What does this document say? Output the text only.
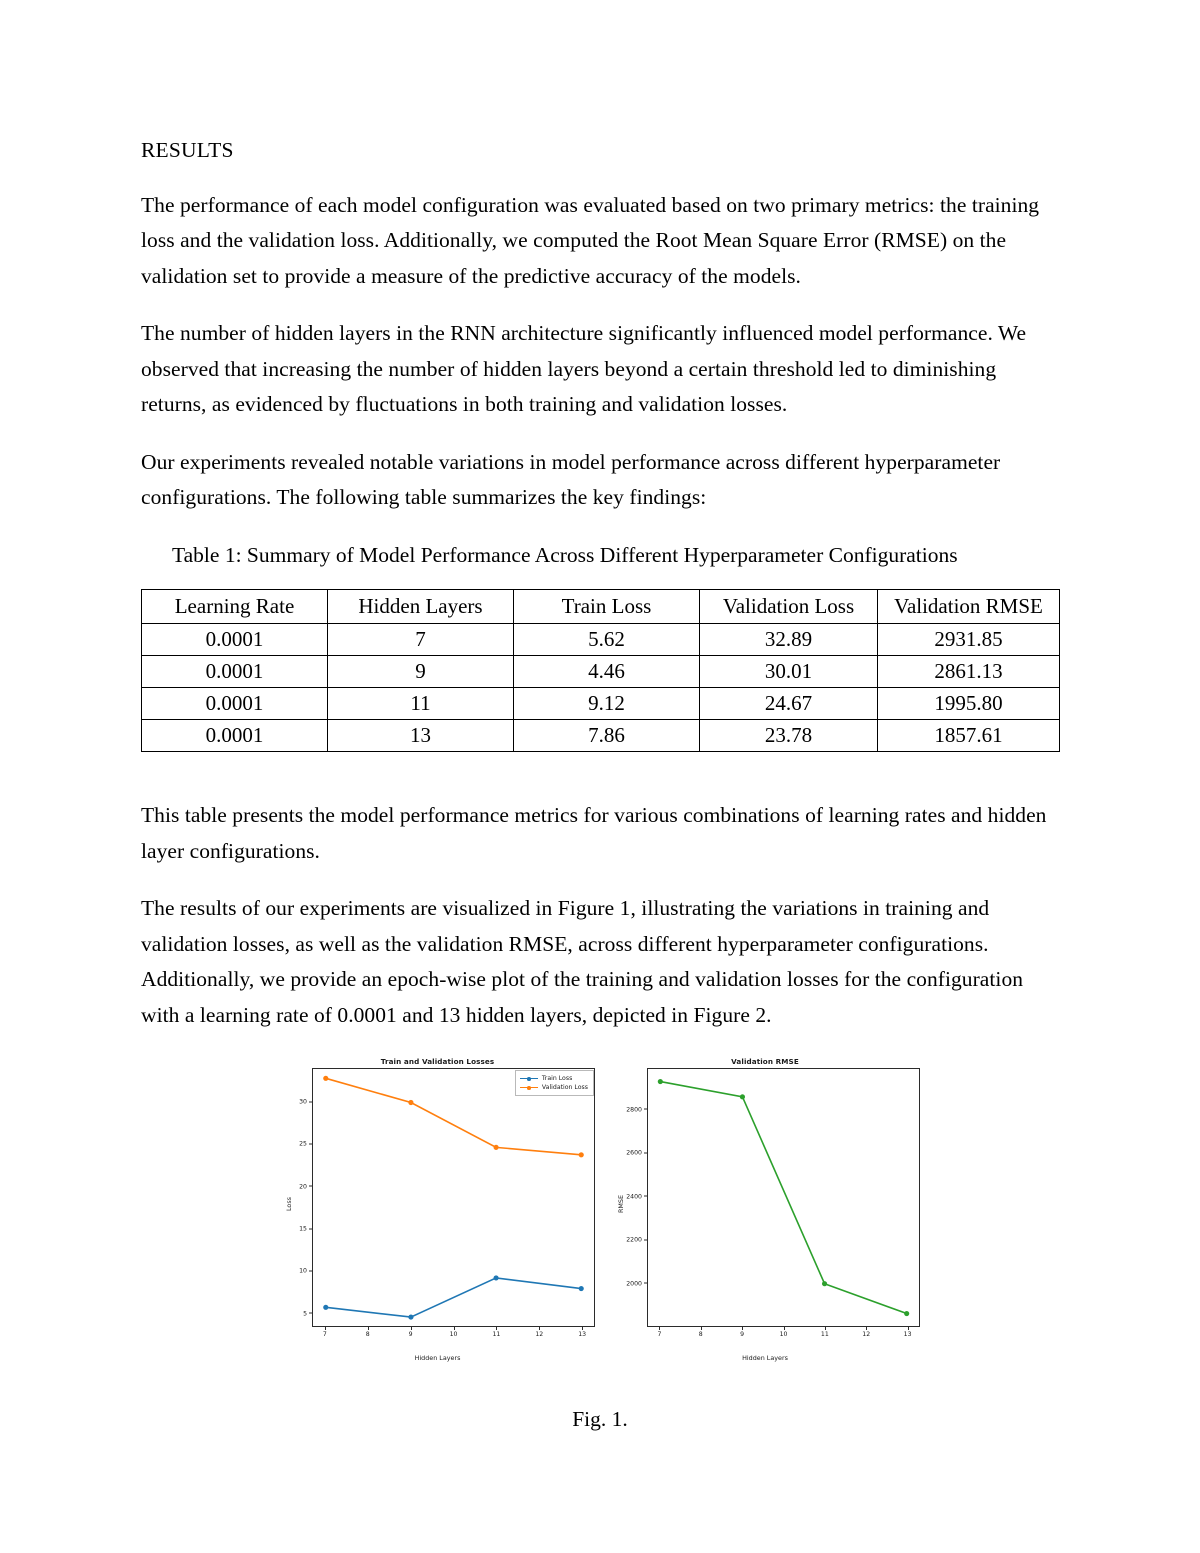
RESULTS

The performance of each model configuration was evaluated based on two primary metrics: the training loss and the validation loss. Additionally, we computed the Root Mean Square Error (RMSE) on the validation set to provide a measure of the predictive accuracy of the models.

The number of hidden layers in the RNN architecture significantly influenced model performance. We observed that increasing the number of hidden layers beyond a certain threshold led to diminishing returns, as evidenced by fluctuations in both training and validation losses.

Our experiments revealed notable variations in model performance across different hyperparameter configurations. The following table summarizes the key findings:

Table 1: Summary of Model Performance Across Different Hyperparameter Configurations
Learning Rate	Hidden Layers	Train Loss	Validation Loss	Validation RMSE
0.0001	7	5.62	32.89	2931.85
0.0001	9	4.46	30.01	2861.13
0.0001	11	9.12	24.67	1995.80
0.0001	13	7.86	23.78	1857.61

This table presents the model performance metrics for various combinations of learning rates and hidden layer configurations.

The results of our experiments are visualized in Figure 1, illustrating the variations in training and validation losses, as well as the validation RMSE, across different hyperparameter configurations. Additionally, we provide an epoch-wise plot of the training and validation losses for the configuration with a learning rate of 0.0001 and 13 hidden layers, depicted in Figure 2.

Train and Validation Losses
Loss
Hidden Layers
5
10
15
20
25
30
7	8	9	10	11	12	13
Train Loss
Validation Loss
Validation RMSE
RMSE
Hidden Layers
2000
2200
2400
2600
2800
7	8	9	10	11	12	13
Fig. 1.
